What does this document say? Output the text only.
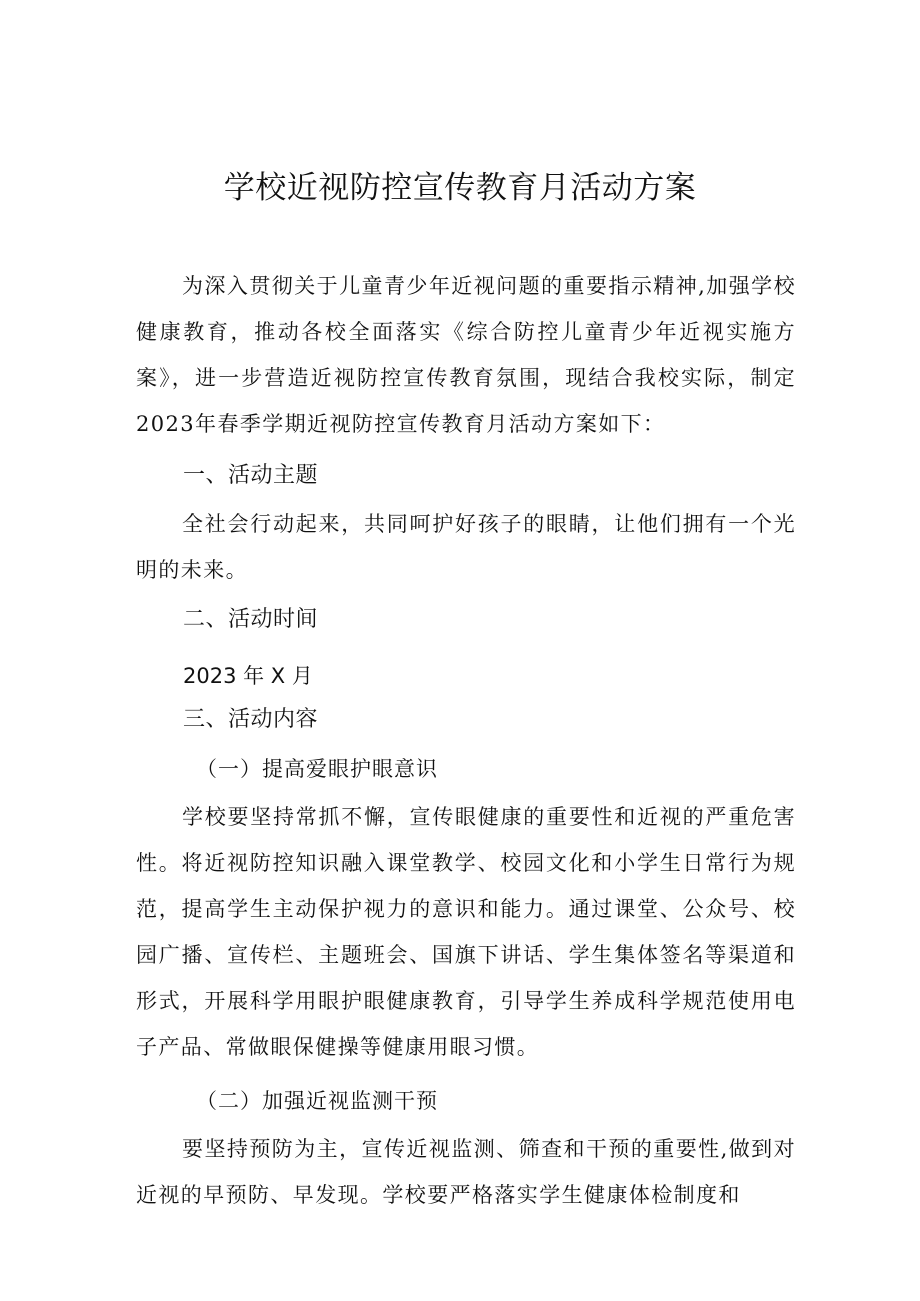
学校近视防控宣传教育月活动方案
为深入贯彻关于儿童青少年近视问题的重要指示精神,加强学校健康教育，推动各校全面落实《综合防控儿童青少年近视实施方案》，进一步营造近视防控宣传教育氛围，现结合我校实际，制定2023年春季学期近视防控宣传教育月活动方案如下：
一、活动主题
全社会行动起来，共同呵护好孩子的眼睛，让他们拥有一个光明的未来。
二、活动时间
2023 年 X 月
三、活动内容
（一）提高爱眼护眼意识
学校要坚持常抓不懈，宣传眼健康的重要性和近视的严重危害性。将近视防控知识融入课堂教学、校园文化和小学生日常行为规范，提高学生主动保护视力的意识和能力。通过课堂、公众号、校园广播、宣传栏、主题班会、国旗下讲话、学生集体签名等渠道和形式，开展科学用眼护眼健康教育，引导学生养成科学规范使用电子产品、常做眼保健操等健康用眼习惯。
（二）加强近视监测干预
要坚持预防为主，宣传近视监测、筛查和干预的重要性,做到对近视的早预防、早发现。学校要严格落实学生健康体检制度和
